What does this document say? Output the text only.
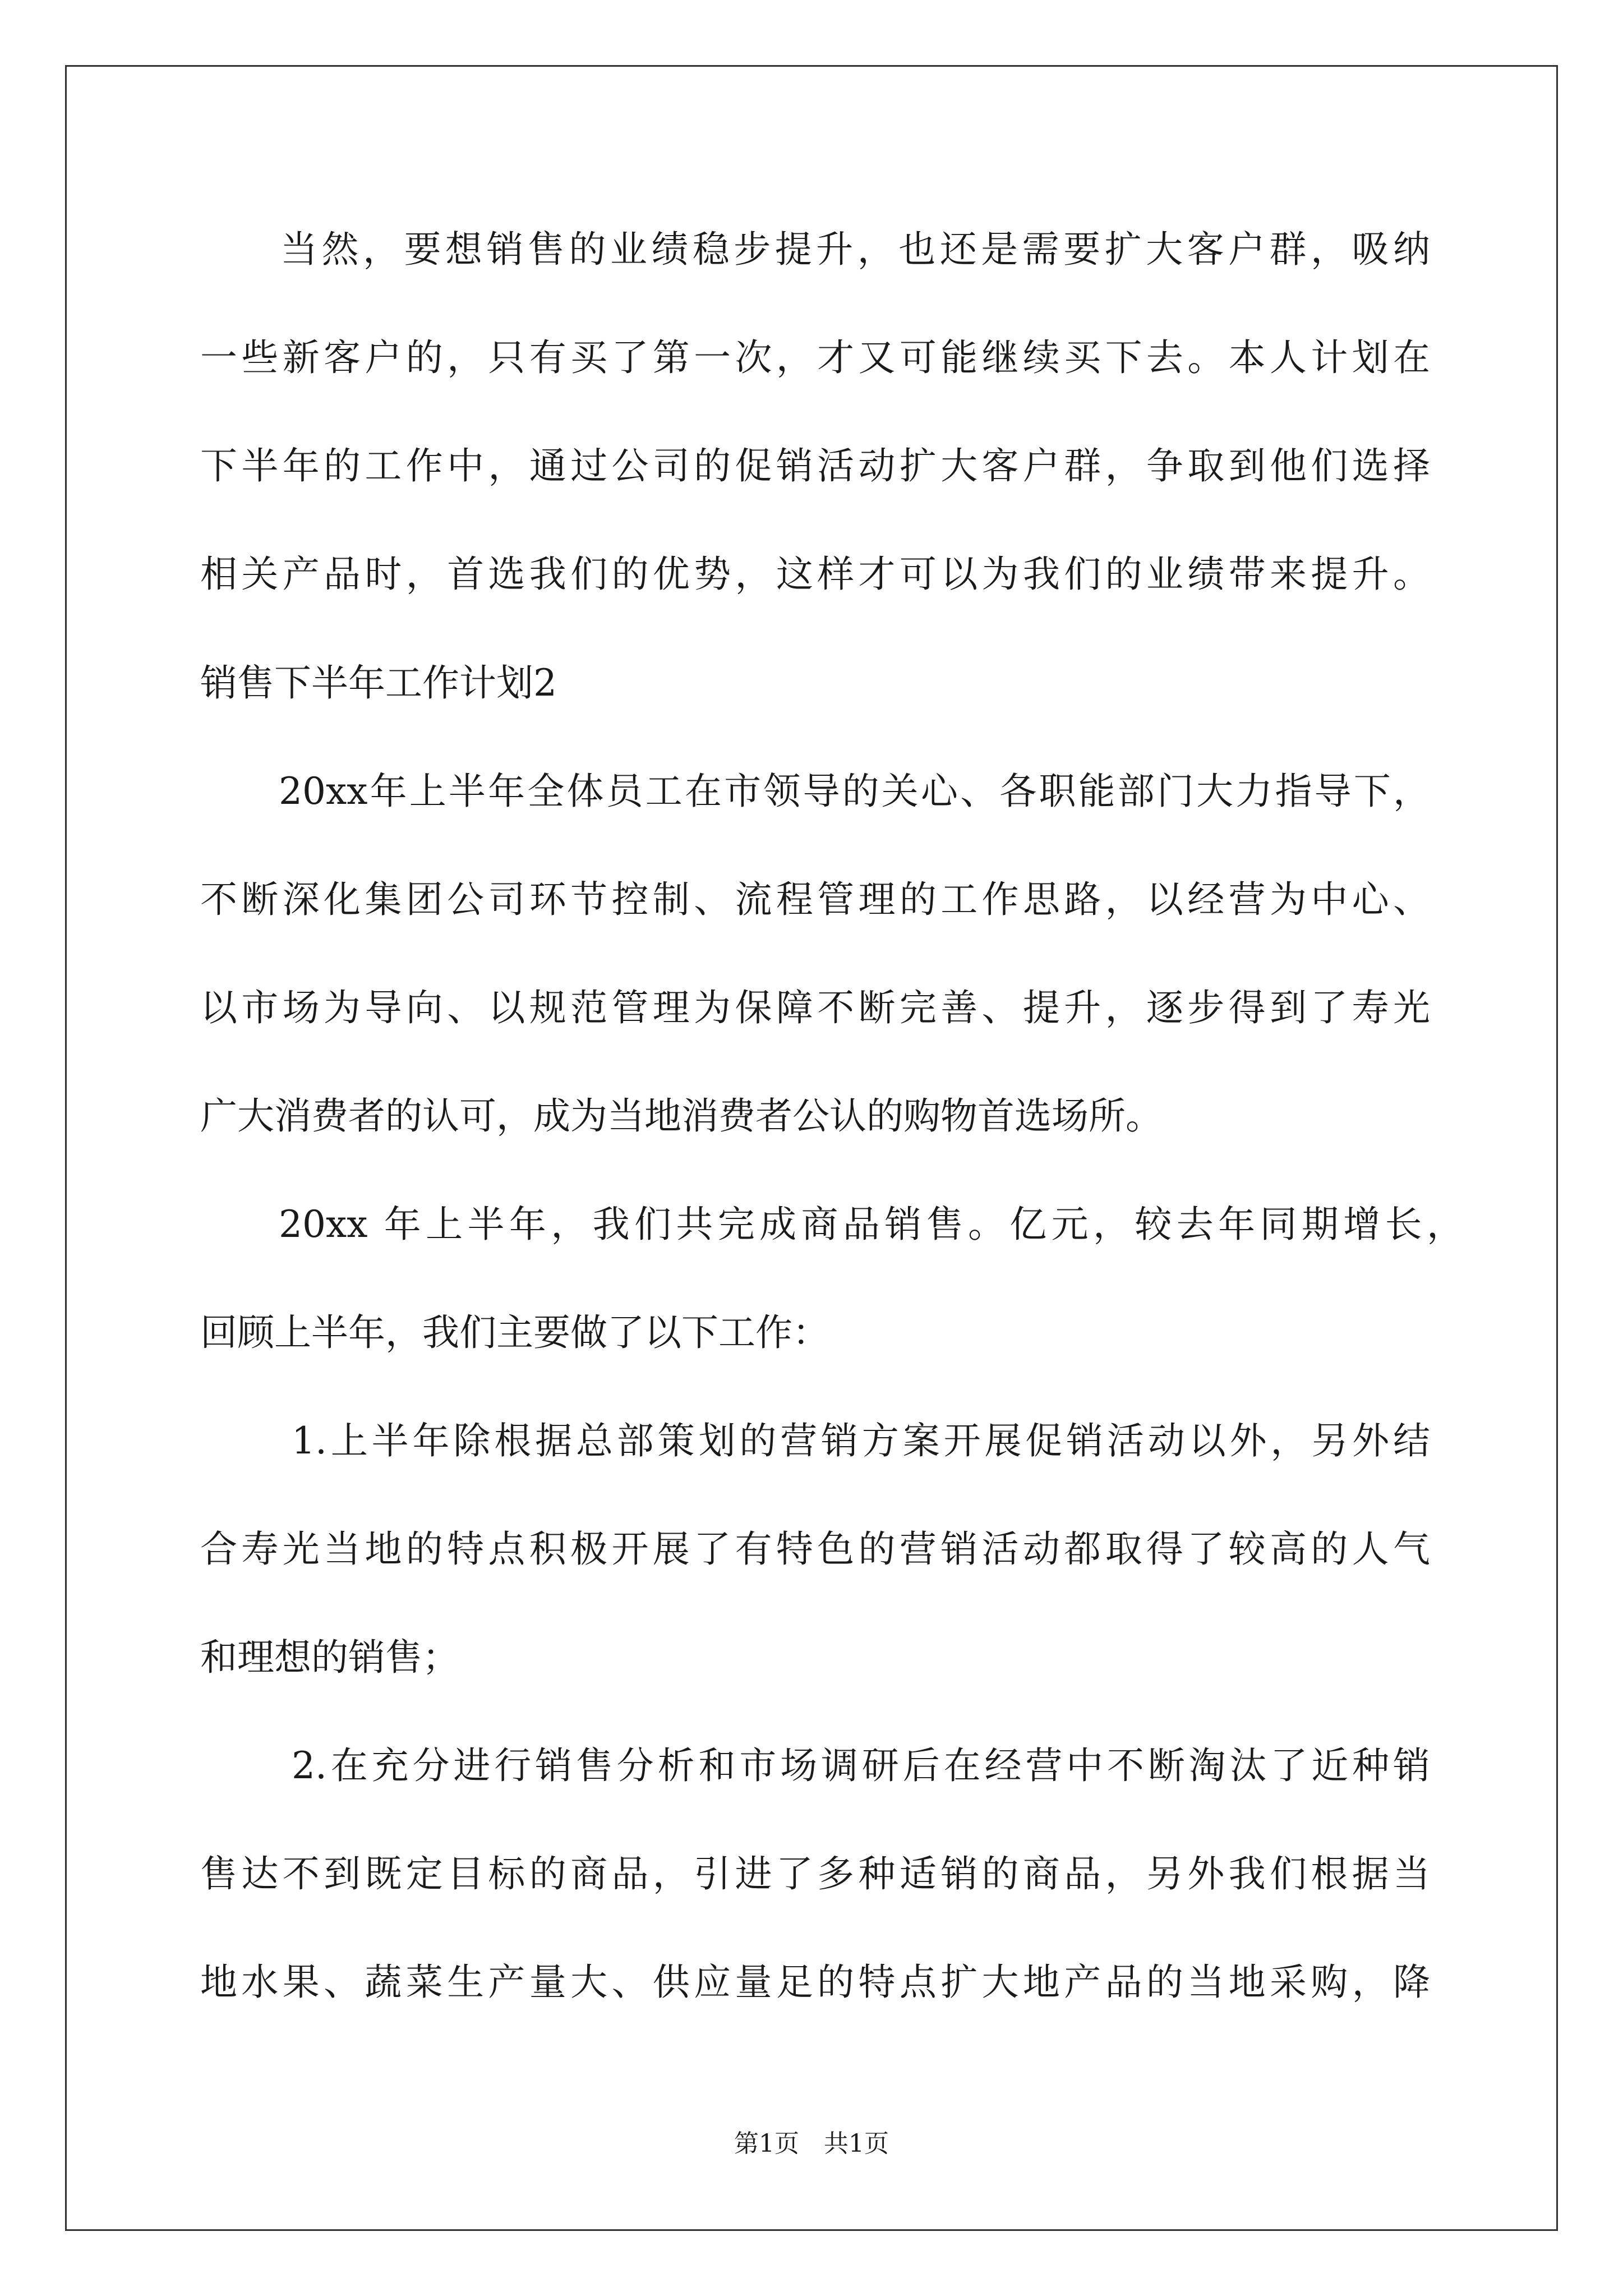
当然，要想销售的业绩稳步提升，也还是需要扩大客户群，吸纳
一些新客户的，只有买了第一次，才又可能继续买下去。本人计划在
下半年的工作中，通过公司的促销活动扩大客户群，争取到他们选择
相关产品时，首选我们的优势，这样才可以为我们的业绩带来提升。
销售下半年工作计划2
20xx年上半年全体员工在市领导的关心、各职能部门大力指导下，
不断深化集团公司环节控制、流程管理的工作思路，以经营为中心、
以市场为导向、以规范管理为保障不断完善、提升，逐步得到了寿光
广大消费者的认可，成为当地消费者公认的购物首选场所。
20xx 年上半年，我们共完成商品销售。亿元，较去年同期增长，
回顾上半年，我们主要做了以下工作：
1.上半年除根据总部策划的营销方案开展促销活动以外，另外结
合寿光当地的特点积极开展了有特色的营销活动都取得了较高的人气
和理想的销售；
2.在充分进行销售分析和市场调研后在经营中不断淘汰了近种销
售达不到既定目标的商品，引进了多种适销的商品，另外我们根据当
地水果、蔬菜生产量大、供应量足的特点扩大地产品的当地采购，降
第1页　共1页
